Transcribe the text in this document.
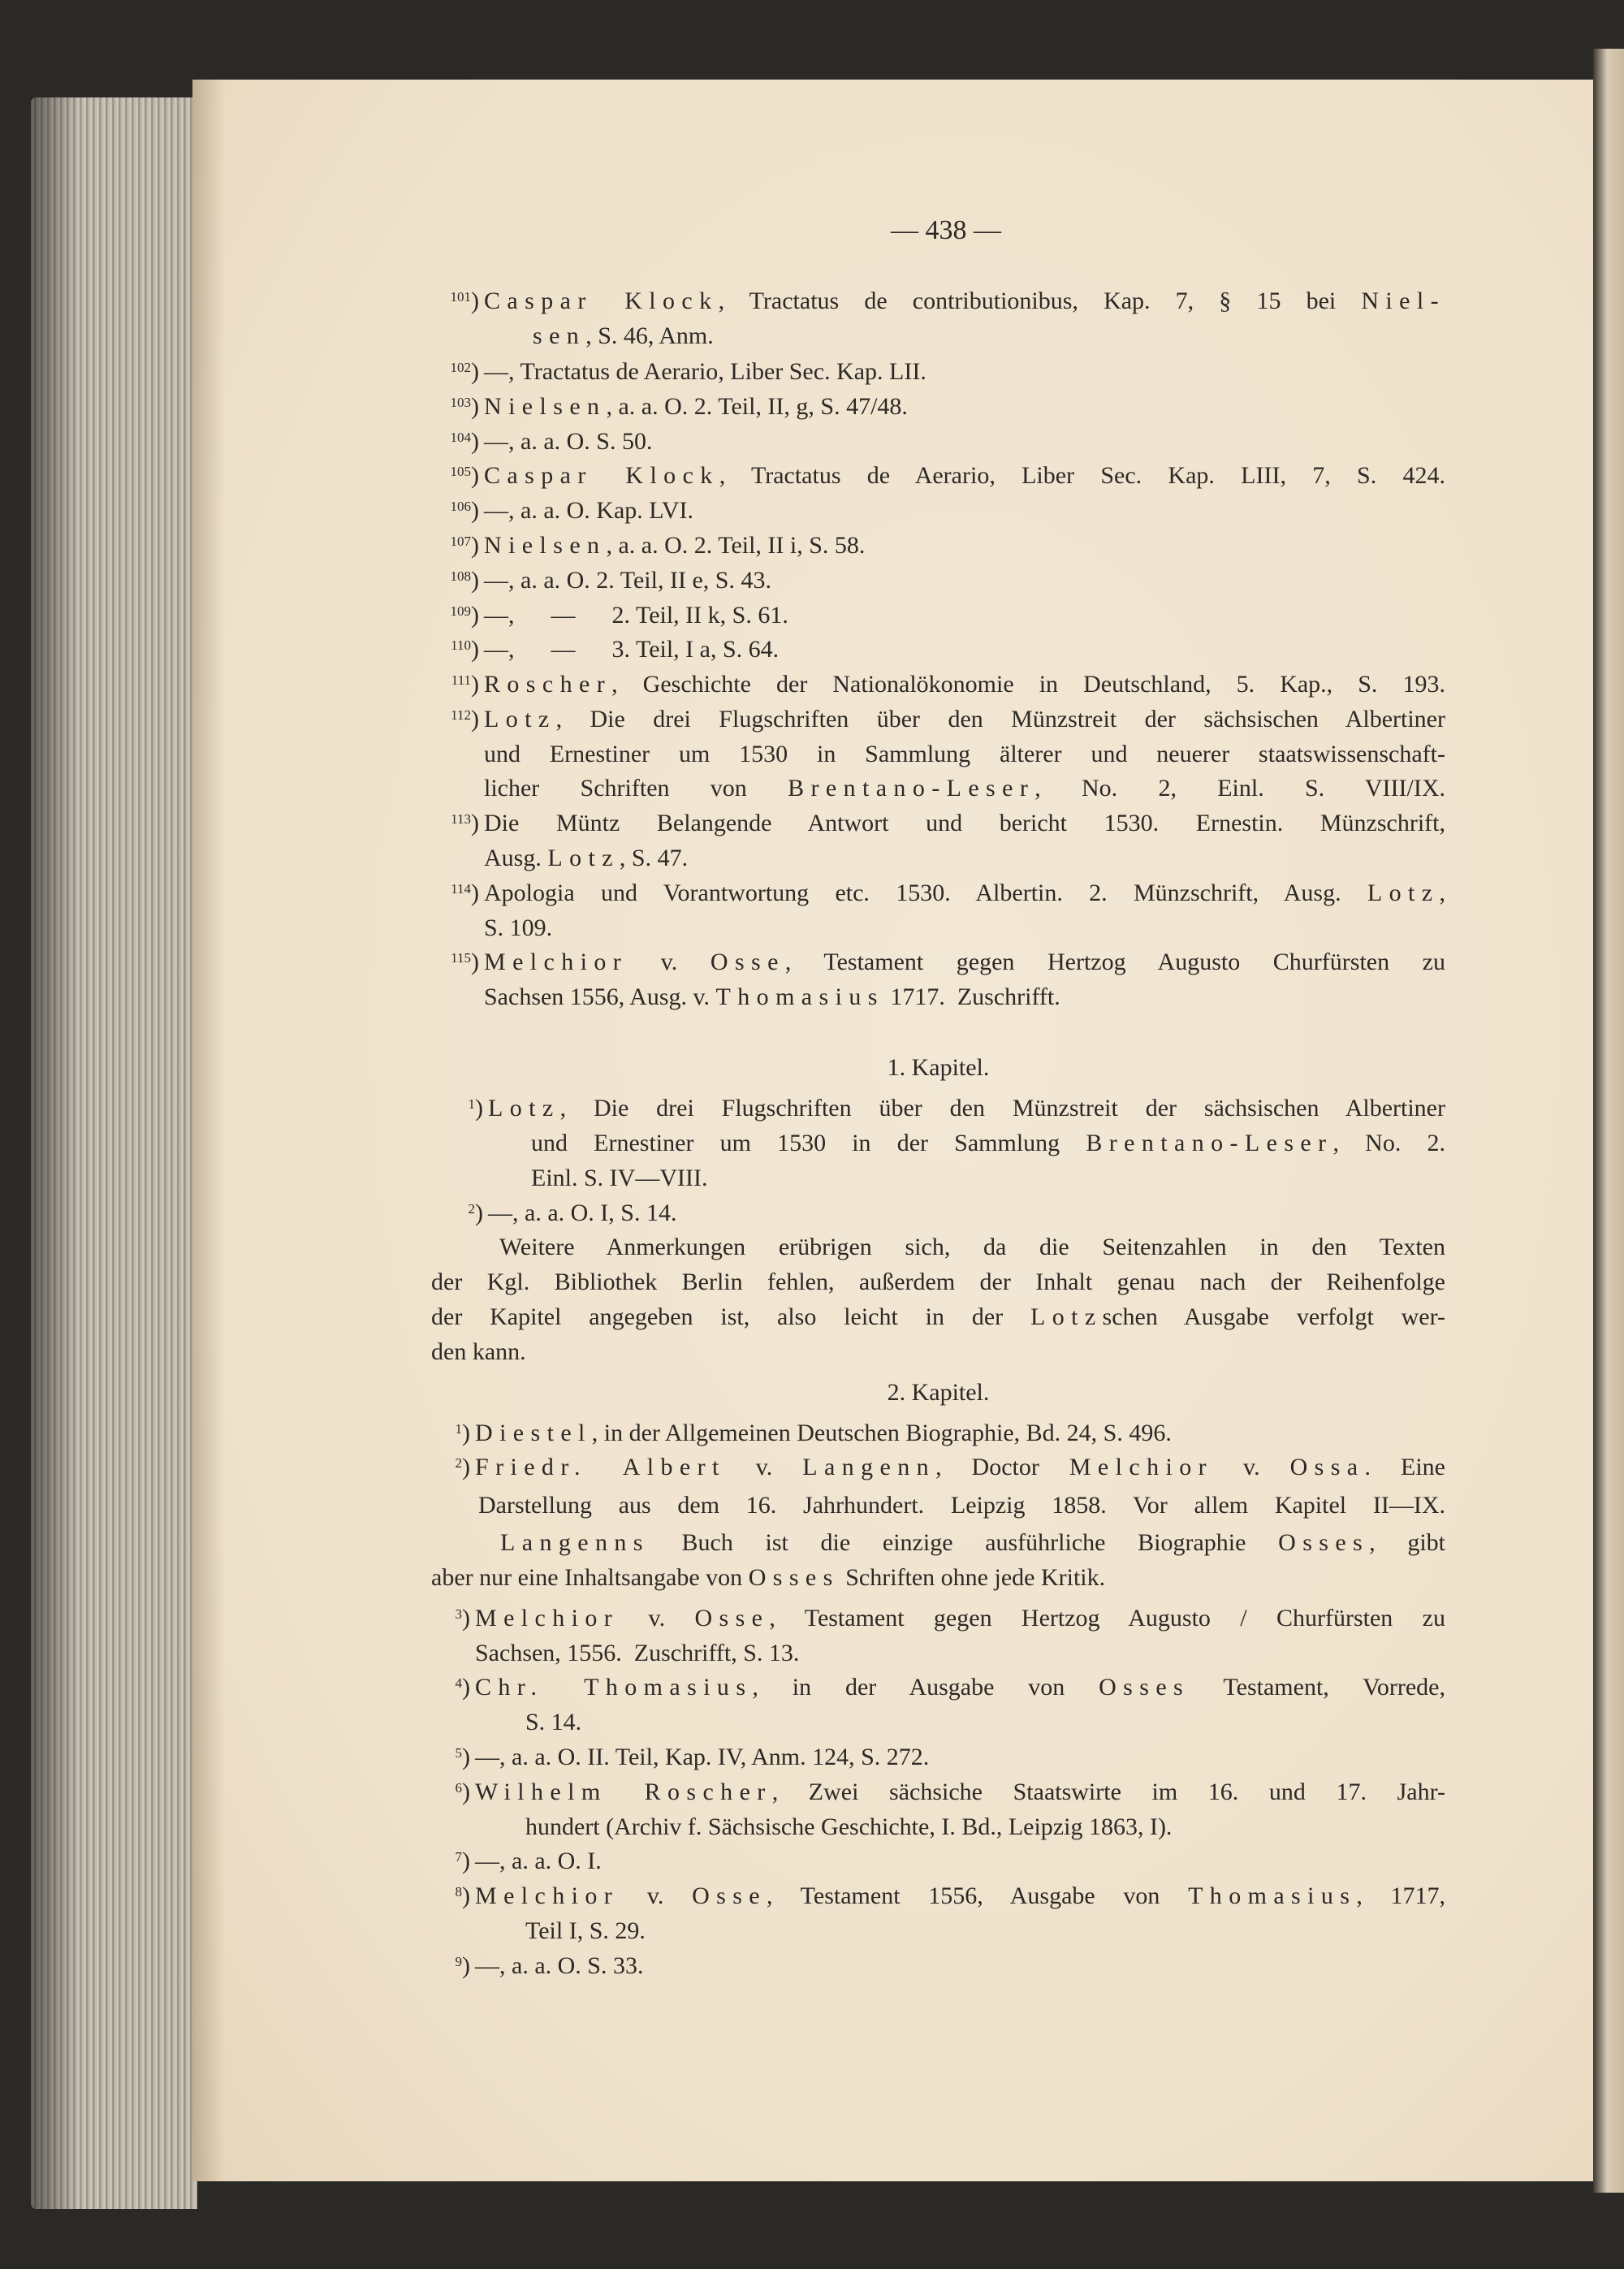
— 438 —
1. Kapitel.
2. Kapitel.
$^{101}$) Caspar Klock, Tractatus de contributionibus, Kap. 7, § 15 bei Niel-
sen, S. 46, Anm.
$^{102}$) —, Tractatus de Aerario, Liber Sec. Kap. LII.
$^{103}$) Nielsen, a. a. O. 2. Teil, II, g, S. 47/48.
$^{104}$) —, a. a. O. S. 50.
$^{105}$) Caspar Klock, Tractatus de Aerario, Liber Sec. Kap. LIII, 7, S. 424.
$^{106}$) —, a. a. O. Kap. LVI.
$^{107}$) Nielsen, a. a. O. 2. Teil, II i, S. 58.
$^{108}$) —, a. a. O. 2. Teil, II e, S. 43.
$^{109}$) —,      —      2. Teil, II k, S. 61.
$^{110}$) —,      —      3. Teil, I a, S. 64.
$^{111}$) Roscher, Geschichte der Nationalökonomie in Deutschland, 5. Kap., S. 193.
$^{112}$) Lotz, Die drei Flugschriften über den Münzstreit der sächsischen Albertiner
und Ernestiner um 1530 in Sammlung älterer und neuerer staatswissenschaft-
licher Schriften von Brentano-Leser, No. 2, Einl. S. VIII/IX.
$^{113}$) Die Müntz Belangende Antwort und bericht 1530. Ernestin. Münzschrift,
Ausg. Lotz, S. 47.
$^{114}$) Apologia und Vorantwortung etc. 1530. Albertin. 2. Münzschrift, Ausg. Lotz,
S. 109.
$^{115}$) Melchior v. Osse, Testament gegen Hertzog Augusto Churfürsten zu
Sachsen 1556, Ausg. v. Thomasius 1717.  Zuschrifft.
$^1$) Lotz, Die drei Flugschriften über den Münzstreit der sächsischen Albertiner
und Ernestiner um 1530 in der Sammlung Brentano-Leser, No. 2.
Einl. S. IV—VIII.
$^2$) —, a. a. O. I, S. 14.
Weitere Anmerkungen erübrigen sich, da die Seitenzahlen in den Texten
der Kgl. Bibliothek Berlin fehlen, außerdem der Inhalt genau nach der Reihenfolge
der Kapitel angegeben ist, also leicht in der Lotzschen Ausgabe verfolgt wer-
den kann.
$^1$) Diestel, in der Allgemeinen Deutschen Biographie, Bd. 24, S. 496.
$^2$) Friedr. Albert v. Langenn, Doctor Melchior v. Ossa. Eine
Darstellung aus dem 16. Jahrhundert. Leipzig 1858. Vor allem Kapitel II—IX.
Langenns Buch ist die einzige ausführliche Biographie Osses, gibt
aber nur eine Inhaltsangabe von Osses Schriften ohne jede Kritik.
$^3$) Melchior v. Osse, Testament gegen Hertzog Augusto / Churfürsten zu
Sachsen, 1556.  Zuschrifft, S. 13.
$^4$) Chr. Thomasius, in der Ausgabe von Osses Testament, Vorrede,
S. 14.
$^5$) —, a. a. O. II. Teil, Kap. IV, Anm. 124, S. 272.
$^6$) Wilhelm Roscher, Zwei sächsiche Staatswirte im 16. und 17. Jahr-
hundert (Archiv f. Sächsische Geschichte, I. Bd., Leipzig 1863, I).
$^7$) —, a. a. O. I.
$^8$) Melchior v. Osse, Testament 1556, Ausgabe von Thomasius, 1717,
Teil I, S. 29.
$^9$) —, a. a. O. S. 33.
